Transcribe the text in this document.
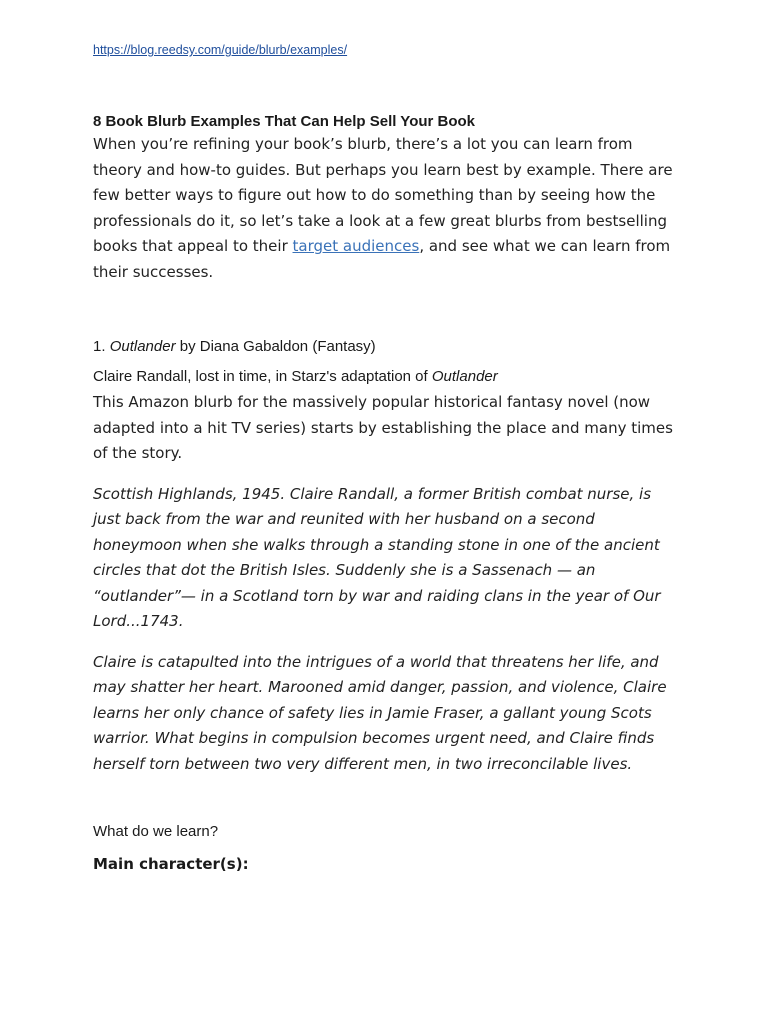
https://blog.reedsy.com/guide/blurb/examples/

8 Book Blurb Examples That Can Help Sell Your Book

When you’re refining your book’s blurb, there’s a lot you can learn from theory and how-to guides. But perhaps you learn best by example. There are few better ways to figure out how to do something than by seeing how the professionals do it, so let’s take a look at a few great blurbs from bestselling books that appeal to their target audiences, and see what we can learn from their successes.

1. Outlander by Diana Gabaldon (Fantasy)

Claire Randall, lost in time, in Starz's adaptation of Outlander

This Amazon blurb for the massively popular historical fantasy novel (now adapted into a hit TV series) starts by establishing the place and many times of the story.

Scottish Highlands, 1945. Claire Randall, a former British combat nurse, is just back from the war and reunited with her husband on a second honeymoon when she walks through a standing stone in one of the ancient circles that dot the British Isles. Suddenly she is a Sassenach — an “outlander”— in a Scotland torn by war and raiding clans in the year of Our Lord...1743.

Claire is catapulted into the intrigues of a world that threatens her life, and may shatter her heart. Marooned amid danger, passion, and violence, Claire learns her only chance of safety lies in Jamie Fraser, a gallant young Scots warrior. What begins in compulsion becomes urgent need, and Claire finds herself torn between two very different men, in two irreconcilable lives.

What do we learn?

Main character(s):
